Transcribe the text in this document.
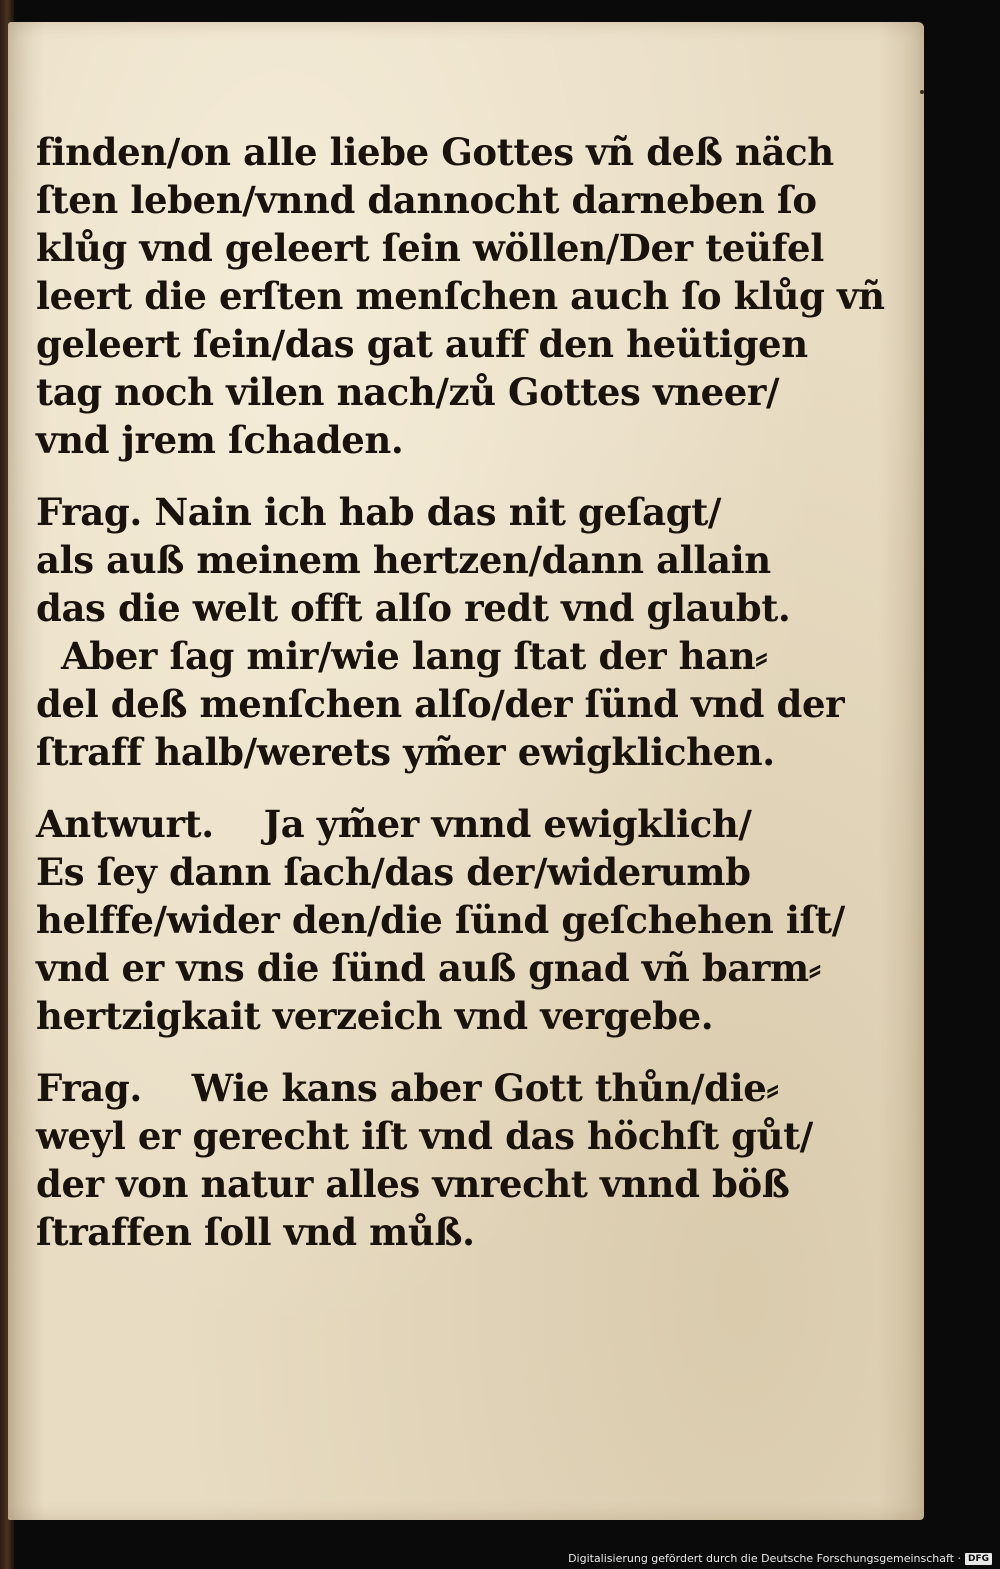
finden/on alle liebe Gottes vñ deß näch
ſten leben/vnnd dannocht darneben ſo
klůg vnd geleert ſein wöllen/Der teüfel
leert die erſten menſchen auch ſo klůg vñ
geleert ſein/das gat auff den heütigen
tag noch vilen nach/zů Gottes vneer/
vnd jrem ſchaden.
Frag. Nain ich hab das nit geſagt/
als auß meinem hertzen/dann allain
das die welt offt alſo redt vnd glaubt.
Aber ſag mir/wie lang ſtat der han⸗
del deß menſchen alſo/der ſünd vnd der
ſtraff halb/werets ym̃er ewigklichen.
Antwurt.    Ja ym̃er vnnd ewigklich/
Es ſey dann ſach/das der/widerumb
helffe/wider den/die ſünd geſchehen iſt/
vnd er vns die ſünd auß gnad vñ barm⸗
hertzigkait verzeich vnd vergebe.
Frag.    Wie kans aber Gott thůn/die⸗
weyl er gerecht iſt vnd das höchſt gůt/
der von natur alles vnrecht vnnd böß
ſtraffen ſoll vnd můß.
Digitalisierung gefördert durch die Deutsche Forschungsgemeinschaft · DFG
